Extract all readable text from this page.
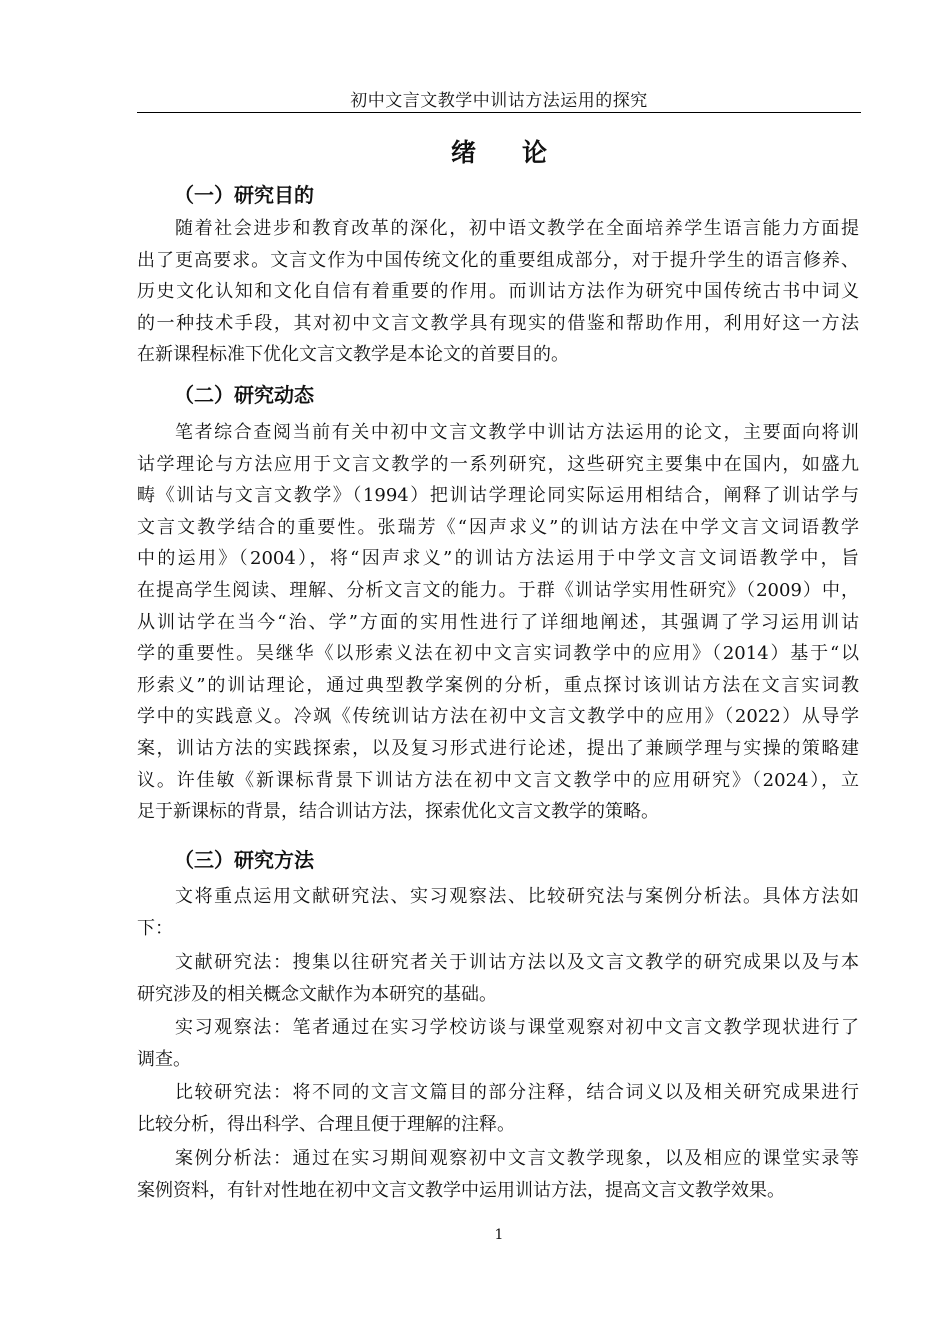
初中文言文教学中训诂方法运用的探究
绪 论
（一）研究目的
随着社会进步和教育改革的深化，初中语文教学在全面培养学生语言能力方面提
出了更高要求。文言文作为中国传统文化的重要组成部分，对于提升学生的语言修养、
历史文化认知和文化自信有着重要的作用。而训诂方法作为研究中国传统古书中词义
的一种技术手段，其对初中文言文教学具有现实的借鉴和帮助作用，利用好这一方法
在新课程标准下优化文言文教学是本论文的首要目的。
（二）研究动态
笔者综合查阅当前有关中初中文言文教学中训诂方法运用的论文，主要面向将训
诂学理论与方法应用于文言文教学的一系列研究，这些研究主要集中在国内，如盛九
畴《训诂与文言文教学》（1994）把训诂学理论同实际运用相结合，阐释了训诂学与
文言文教学结合的重要性。张瑞芳《“因声求义”的训诂方法在中学文言文词语教学
中的运用》（2004），将“因声求义”的训诂方法运用于中学文言文词语教学中，旨
在提高学生阅读、理解、分析文言文的能力。于群《训诂学实用性研究》（2009）中，
从训诂学在当今“治、学”方面的实用性进行了详细地阐述，其强调了学习运用训诂
学的重要性。吴继华《以形索义法在初中文言实词教学中的应用》（2014）基于“以
形索义”的训诂理论，通过典型教学案例的分析，重点探讨该训诂方法在文言实词教
学中的实践意义。冷飒《传统训诂方法在初中文言文教学中的应用》（2022）从导学
案，训诂方法的实践探索，以及复习形式进行论述，提出了兼顾学理与实操的策略建
议。许佳敏《新课标背景下训诂方法在初中文言文教学中的应用研究》（2024），立
足于新课标的背景，结合训诂方法，探索优化文言文教学的策略。
（三）研究方法
文将重点运用文献研究法、实习观察法、比较研究法与案例分析法。具体方法如
下：
文献研究法：搜集以往研究者关于训诂方法以及文言文教学的研究成果以及与本
研究涉及的相关概念文献作为本研究的基础。
实习观察法：笔者通过在实习学校访谈与课堂观察对初中文言文教学现状进行了
调查。
比较研究法：将不同的文言文篇目的部分注释，结合词义以及相关研究成果进行
比较分析，得出科学、合理且便于理解的注释。
案例分析法：通过在实习期间观察初中文言文教学现象，以及相应的课堂实录等
案例资料，有针对性地在初中文言文教学中运用训诂方法，提高文言文教学效果。
1
